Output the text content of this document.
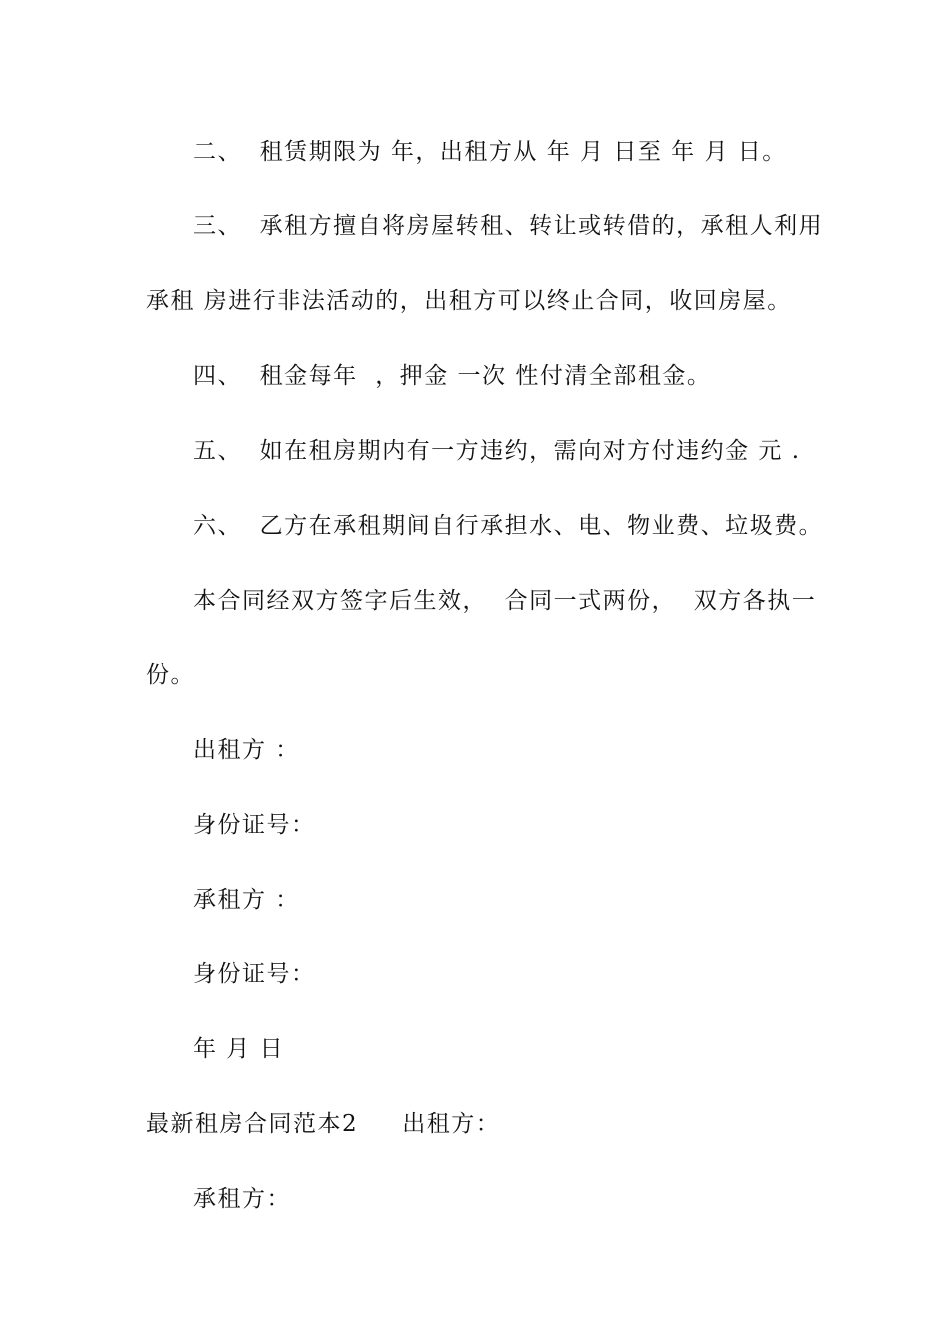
二、  租赁期限为 年，出租方从 年 月 日至 年 月 日。
三、  承租方擅自将房屋转租、转让或转借的，承租人利用
承租 房进行非法活动的，出租方可以终止合同，收回房屋。
四、  租金每年  ，押金 一次 性付清全部租金。
五、  如在租房期内有一方违约，需向对方付违约金 元 .
六、  乙方在承租期间自行承担水、电、物业费、垃圾费。
本合同经双方签字后生效，  合同一式两份，  双方各执一
份。
出租方 ：
身份证号：
承租方 ：
身份证号：
年 月 日
最新租房合同范本2     出租方：
承租方：
